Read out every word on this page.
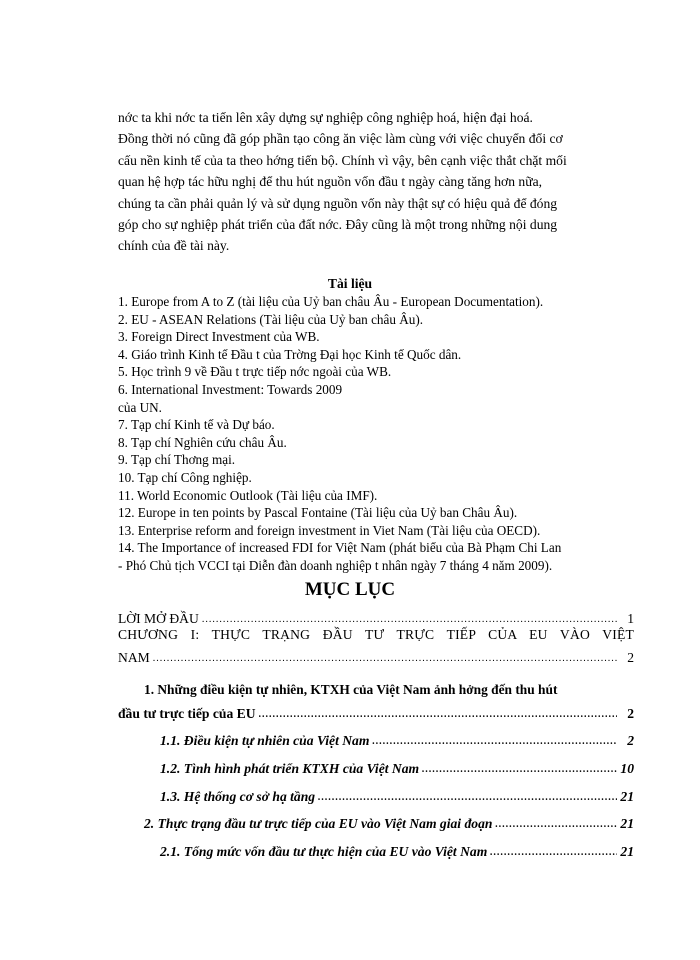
nớc ta khi nớc ta tiến lên xây dựng sự nghiệp công nghiệp hoá, hiện đại hoá.
Đồng thời nó cũng đã góp phần tạo công ăn việc làm cùng với việc chuyển đổi cơ
cấu nền kinh tế của ta theo hớng tiến bộ. Chính vì vậy, bên cạnh việc thắt chặt mối
quan hệ hợp tác hữu nghị để thu hút nguồn vốn đầu t ngày càng tăng hơn nữa,
chúng ta cần phải quản lý và sử dụng nguồn vốn này thật sự có hiệu quả để đóng
góp cho sự nghiệp phát triển của đất nớc. Đây cũng là một trong những nội dung
chính của đề tài này.
Tài liệu
1. Europe from A to Z (tài liệu của Uỷ ban châu Âu - European Documentation).
2. EU - ASEAN Relations (Tài liệu của Uỷ ban châu Âu).
3. Foreign Direct Investment của WB.
4. Giáo trình Kinh tế Đầu t của Trờng Đại học Kinh tế Quốc dân.
5. Học trình 9 về Đầu t trực tiếp nớc ngoài của WB.
6. International Investment: Towards 2009
của UN.
7. Tạp chí Kinh tế và Dự báo.
8. Tạp chí Nghiên cứu châu Âu.
9. Tạp chí Thơng mại.
10. Tạp chí Công nghiệp.
11. World Economic Outlook (Tài liệu của IMF).
12. Europe in ten points by Pascal Fontaine (Tài liệu của Uỷ ban Châu Âu).
13. Enterprise reform and foreign investment in Viet Nam (Tài liệu của OECD).
14. The Importance of increased FDI for Việt Nam (phát biểu của Bà Phạm Chi Lan
- Phó Chủ tịch VCCI tại Diễn đàn doanh nghiệp t nhân ngày 7 tháng 4 năm 2009).
MỤC LỤC
LỜI MỞ ĐẦU .....	1
CHƯƠNG I: THỰC TRẠNG ĐẦU TƯ TRỰC TIẾP CỦA EU VÀO VIỆT
NAM .....	2
1. Những điều kiện tự nhiên, KTXH của Việt Nam ảnh hởng đến thu hút
đầu tư trực tiếp của EU .....	2
1.1. Điều kiện tự nhiên của Việt Nam .....	2
1.2. Tình hình phát triển KTXH của Việt Nam .....	10
1.3. Hệ thống cơ sở hạ tầng .....	21
2. Thực trạng đầu tư trực tiếp của EU vào Việt Nam giai đoạn .....	21
2.1. Tổng mức vốn đầu tư thực hiện của EU vào Việt Nam .....	21
